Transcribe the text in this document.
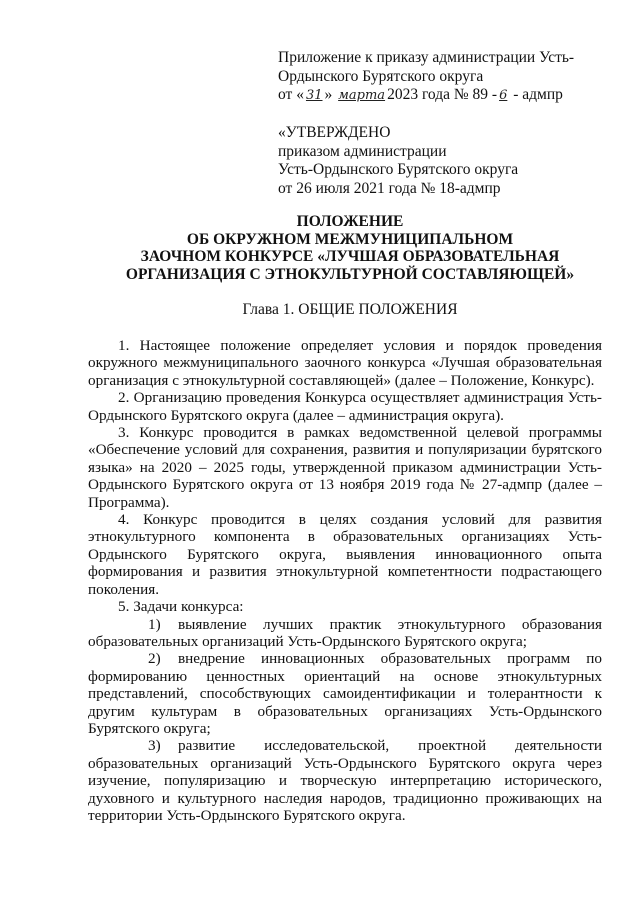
Приложение к приказу администрации Усть-
Ордынского Бурятского округа
от « 31 » марта 2023 года № 89 - 6 - адмпр
«УТВЕРЖДЕНО
приказом администрации
Усть-Ордынского Бурятского округа
от 26 июля 2021 года № 18-адмпр
ПОЛОЖЕНИЕ
ОБ ОКРУЖНОМ МЕЖМУНИЦИПАЛЬНОМ
ЗАОЧНОМ КОНКУРСЕ «ЛУЧШАЯ ОБРАЗОВАТЕЛЬНАЯ
ОРГАНИЗАЦИЯ С ЭТНОКУЛЬТУРНОЙ СОСТАВЛЯЮЩЕЙ»
Глава 1. ОБЩИЕ ПОЛОЖЕНИЯ

1. Настоящее положение определяет условия и порядок проведения окружного межмуниципального заочного конкурса «Лучшая образовательная организация с этнокультурной составляющей» (далее – Положение, Конкурс).

2. Организацию проведения Конкурса осуществляет администрация Усть-Ордынского Бурятского округа (далее – администрация округа).

3. Конкурс проводится в рамках ведомственной целевой программы «Обеспечение условий для сохранения, развития и популяризации бурятского языка» на 2020 – 2025 годы, утвержденной приказом администрации Усть-Ордынского Бурятского округа от 13 ноября 2019 года № 27-адмпр (далее – Программа).

4. Конкурс проводится в целях создания условий для развития этнокультурного компонента в образовательных организациях Усть-Ордынского Бурятского округа, выявления инновационного опыта формирования и развития этнокультурной компетентности подрастающего поколения.

5. Задачи конкурса:

1) выявление лучших практик этнокультурного образования образовательных организаций Усть-Ордынского Бурятского округа;

2) внедрение инновационных образовательных программ по формированию ценностных ориентаций на основе этнокультурных представлений, способствующих самоидентификации и толерантности к другим культурам в образовательных организациях Усть-Ордынского Бурятского округа;

3) развитие исследовательской, проектной деятельности образовательных организаций Усть-Ордынского Бурятского округа через изучение, популяризацию и творческую интерпретацию исторического, духовного и культурного наследия народов, традиционно проживающих на территории Усть-Ордынского Бурятского округа.
